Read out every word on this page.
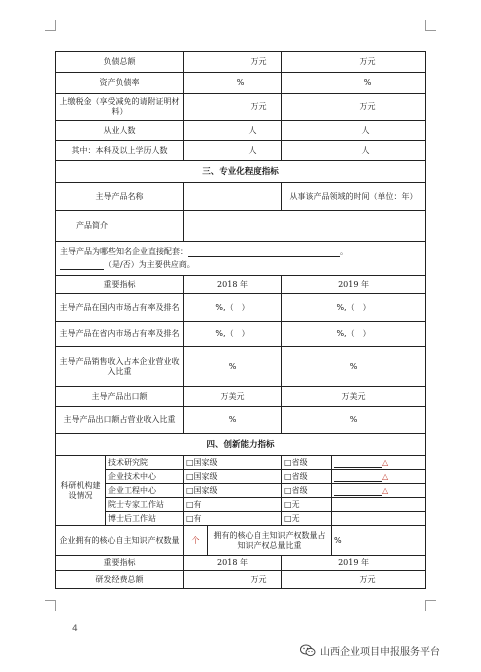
负债总额		万元		万元	
资产负债率		%		%	
上缴税金（享受减免的请附证明材料）		万元		万元	
从业人数		人		人	
其中：本科及以上学历人数		人		人	
三、专业化程度指标					
主导产品名称				从事该产品领域的时间（单位：年）	
产品简介					

主导产品为哪些知名企业直接配套： 。
（是/否）为主要供应商。					

重要指标		2018 年		2019 年	
主导产品在国内市场占有率及排名		%,（　）		%,（　）	
主导产品在省内市场占有率及排名		%,（　）		%,（　）	
主导产品销售收入占本企业营业收入比重		%		%	
主导产品出口额		万美元		万美元	
主导产品出口额占营业收入比重		%		%	
四、创新能力指标					
科研机构建设情况	技术研究院	□国家级		□省级	△
	企业技术中心	□国家级		□省级	△
	企业工程中心	□国家级		□省级	△
	院士专家工作站	□有		□无	
	博士后工作站	□有		□无	
企业拥有的核心自主知识产权数量		个	拥有的核心自主知识产权数量占知识产权总量比重		%
重要指标		2018 年		2019 年	
研发经费总额		万元		万元	
4
山西企业项目申报服务平台
